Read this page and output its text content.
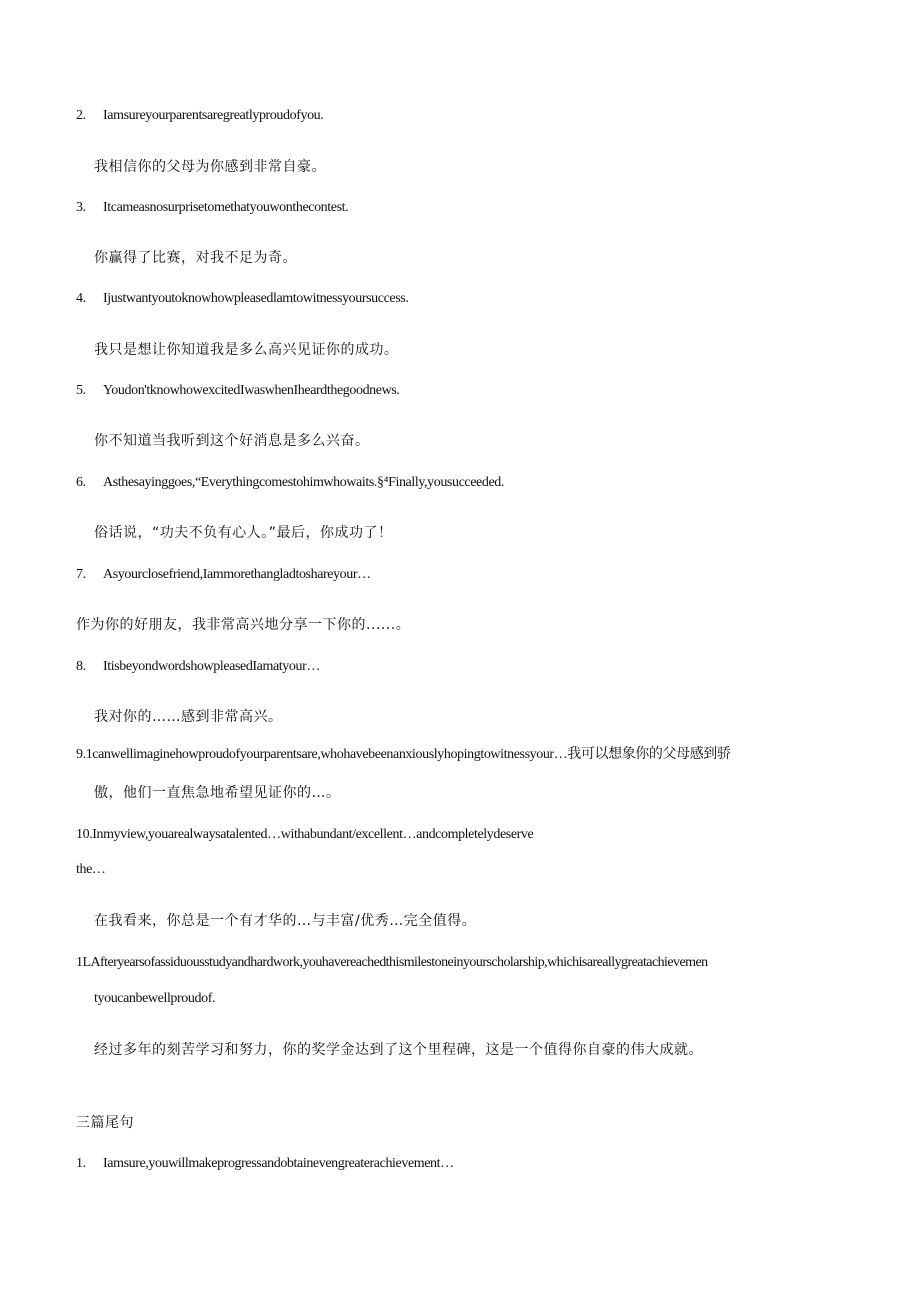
2. Iamsureyourparentsaregreatlyproudofyou.
我相信你的父母为你感到非常自豪。
3. Itcameasnosurprisetomethatyouwonthecontest.
你赢得了比赛，对我不足为奇。
4. Ijustwantyoutoknowhowpleasedlamtowitnessyoursuccess.
我只是想让你知道我是多么高兴见证你的成功。
5. Youdon'tknowhowexcitedIwaswhenIheardthegoodnews.
你不知道当我听到这个好消息是多么兴奋。
6. Asthesayinggoes,“Everythingcomestohimwhowaits.§⁴Finally,yousucceeded.
俗话说，“功夫不负有心人。”最后，你成功了！
7. Asyourclosefriend,Iammorethangladtoshareyour…
作为你的好朋友，我非常高兴地分享一下你的......。
8. ItisbeyondwordshowpleasedIamatyour…
我对你的……感到非常高兴。
9.1canwellimaginehowproudofyourparentsare,whohavebeenanxiouslyhopingtowitnessyour…我可以想象你的父母感到骄
傲，他们一直焦急地希望见证你的…。
10.Inmyview,youarealwaysatalented…withabundant/excellent…andcompletelydeserve
the…
在我看来，你总是一个有才华的…与丰富/优秀…完全值得。
1LAfteryearsofassiduousstudyandhardwork,youhavereachedthismilestoneinyourscholarship,whichisareallygreatachievemen
tyoucanbewellproudof.
经过多年的刻苦学习和努力，你的奖学金达到了这个里程碑，这是一个值得你自豪的伟大成就。
三篇尾句
1. Iamsure,youwillmakeprogressandobtainevengreaterachievement…
